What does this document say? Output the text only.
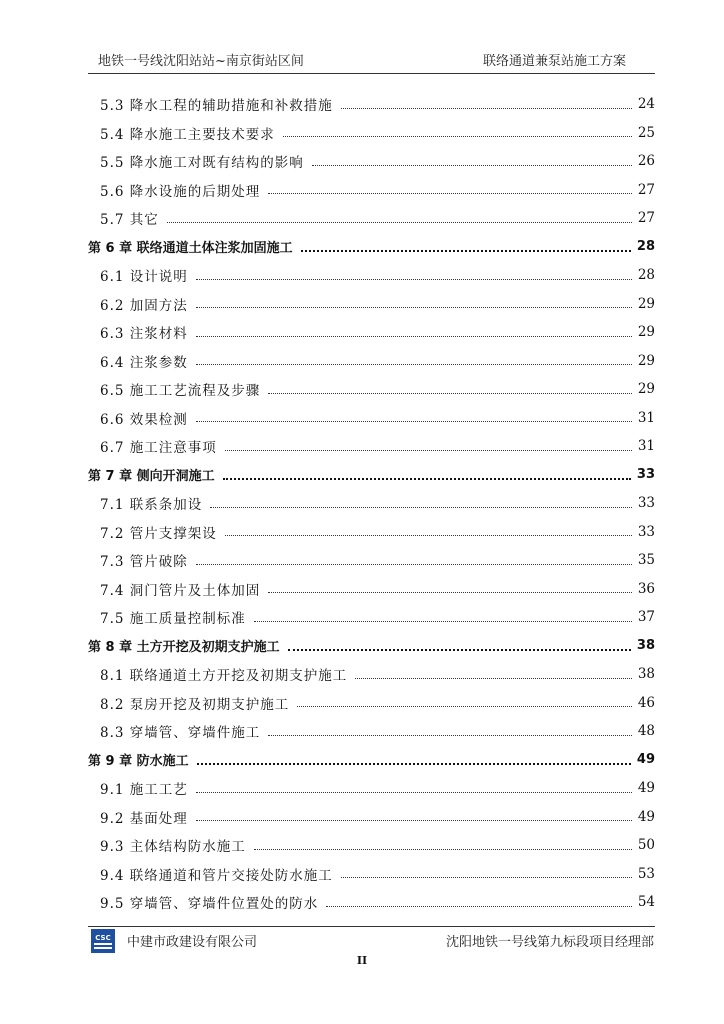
地铁一号线沈阳站站~南京街站区间	联络通道兼泵站施工方案
5.3 降水工程的辅助措施和补救措施	24
5.4 降水施工主要技术要求	25
5.5 降水施工对既有结构的影响	26
5.6 降水设施的后期处理	27
5.7 其它	27
第 6 章 联络通道土体注浆加固施工	28
6.1 设计说明	28
6.2 加固方法	29
6.3 注浆材料	29
6.4 注浆参数	29
6.5 施工工艺流程及步骤	29
6.6 效果检测	31
6.7 施工注意事项	31
第 7 章 侧向开洞施工	33
7.1 联系条加设	33
7.2 管片支撑架设	33
7.3 管片破除	35
7.4 洞门管片及土体加固	36
7.5 施工质量控制标准	37
第 8 章 土方开挖及初期支护施工	38
8.1 联络通道土方开挖及初期支护施工	38
8.2 泵房开挖及初期支护施工	46
8.3 穿墙管、穿墙件施工	48
第 9 章 防水施工	49
9.1 施工工艺	49
9.2 基面处理	49
9.3 主体结构防水施工	50
9.4 联络通道和管片交接处防水施工	53
9.5 穿墙管、穿墙件位置处的防水	54
CSC 中建市政建设有限公司	沈阳地铁一号线第九标段项目经理部
II
